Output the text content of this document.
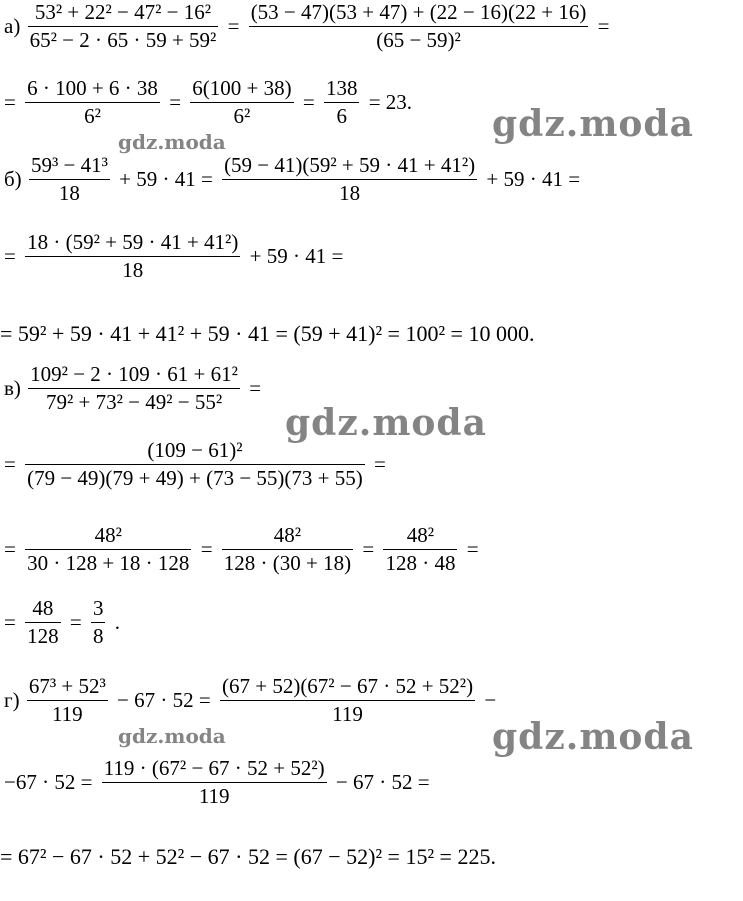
$а) \frac{\text{53² + 22² − 47² − 16²}}{\text{65² − 2 · 65 · 59 + 59²}} = \frac{(53 - 47)(53 + 47) + (22 - 16)(22 + 16)}{\text{(65 − 59)²}}$ =
= $\frac{6 \cdot 100 + 6 \cdot 38}{\text{6²}} = \frac{6(100 + 38)}{\text{6²}} = \frac{138}{6} = 23$.
$б) \frac{\text{59³ − 41³}}{18} + 59 \cdot 41 = \frac{\text{(59 − 41)(59² + 59 · 41 + 41²)}}{18} + 59 \cdot 41$ =
= $\frac{\text{18 · (59² + 59 · 41 + 41²)}}{18} + 59 \cdot 41$ =
= 59² + 59 · 41 + 41² + 59 · 41 = (59 + 41)² = 100² = 10 000.
$в) \frac{\text{109² − 2 · 109 · 61 + 61²}}{\text{79² + 73² − 49² − 55²}}$ =
= $\frac{\text{(109 − 61)²}}{(79 - 49)(79 + 49) + (73 - 55)(73 + 55)}$ =
= $\frac{\text{48²}}{30 \cdot 128 + 18 \cdot 128} = \frac{\text{48²}}{128 \cdot (30 + 18)} = \frac{\text{48²}}{128 \cdot 48}$ =
= $\frac{48}{128} = \frac{3}{8}$ .
$г) \frac{\text{67³ + 52³}}{119} - 67 \cdot 52 = \frac{\text{(67 + 52)(67² − 67 · 52 + 52²)}}{119}$ −
$-67 \cdot 52 = \frac{\text{119 · (67² − 67 · 52 + 52²)}}{119} - 67 \cdot 52$ =
= 67² − 67 · 52 + 52² − 67 · 52 = (67 − 52)² = 15² = 225.
gdz.moda
gdz.moda
gdz.moda
gdz.moda
gdz.moda
